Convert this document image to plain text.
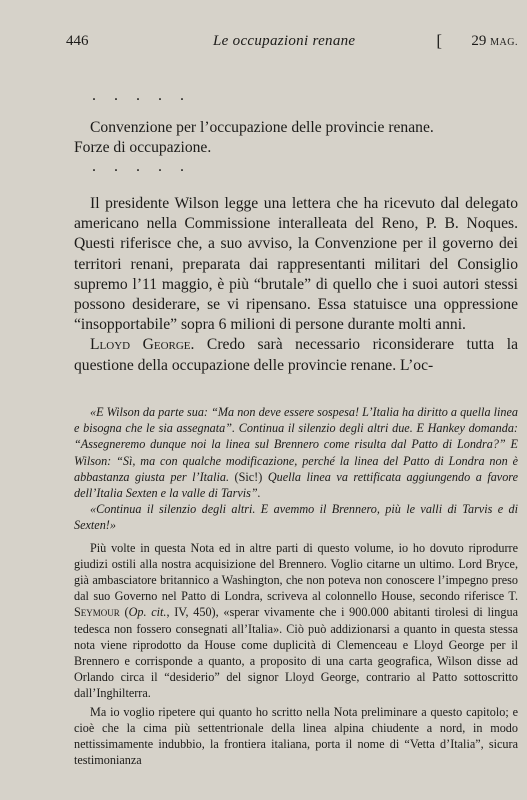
446	Le occupazioni renane	[ 29 MAG.
. . . . .

Convenzione per l’occupazione delle provincie renane.

Forze di occupazione.
. . . . .

Il presidente Wilson legge una lettera che ha ricevuto dal delegato americano nella Commissione interalleata del Reno, P. B. Noques. Questi riferisce che, a suo avviso, la Convenzione per il governo dei territori renani, preparata dai rappresentanti militari del Consiglio supremo l’11 maggio, è più “brutale” di quello che i suoi autori stessi possono desiderare, se vi ripensano. Essa statuisce una oppressione “insopportabile” sopra 6 milioni di persone durante molti anni.

Lloyd George. Credo sarà necessario riconsiderare tutta la questione della occupazione delle provincie renane. L’oc-

«E Wilson da parte sua: “Ma non deve essere sospesa! L’Italia ha diritto a quella linea e bisogna che le sia assegnata”. Continua il silenzio degli altri due. E Hankey domanda: “Assegneremo dunque noi la linea sul Brennero come risulta dal Patto di Londra?” E Wilson: “Sì, ma con qualche modificazione, perché la linea del Patto di Londra non è abbastanza giusta per l’Italia. (Sic!) Quella linea va rettificata aggiungendo a favore dell’Italia Sexten e la valle di Tarvis”.

«Continua il silenzio degli altri. E avemmo il Brennero, più le valli di Tarvis e di Sexten!»

Più volte in questa Nota ed in altre parti di questo volume, io ho dovuto riprodurre giudizi ostili alla nostra acquisizione del Brennero. Voglio citarne un ultimo. Lord Bryce, già ambasciatore britannico a Washington, che non poteva non conoscere l’impegno preso dal suo Governo nel Patto di Londra, scriveva al colonnello House, secondo riferisce T. Seymour (Op. cit., IV, 450), «sperar vivamente che i 900.000 abitanti tirolesi di lingua tedesca non fossero consegnati all’Italia». Ciò può addizionarsi a quanto in questa stessa nota viene riprodotto da House come duplicità di Clemenceau e Lloyd George per il Brennero e corrisponde a quanto, a proposito di una carta geografica, Wilson disse ad Orlando circa il “desiderio” del signor Lloyd George, contrario al Patto sottoscritto dall’Inghilterra.

Ma io voglio ripetere qui quanto ho scritto nella Nota preliminare a questo capitolo; e cioè che la cima più settentrionale della linea alpina chiudente a nord, in modo nettissimamente indubbio, la frontiera italiana, porta il nome di “Vetta d’Italia”, sicura testimonianza
